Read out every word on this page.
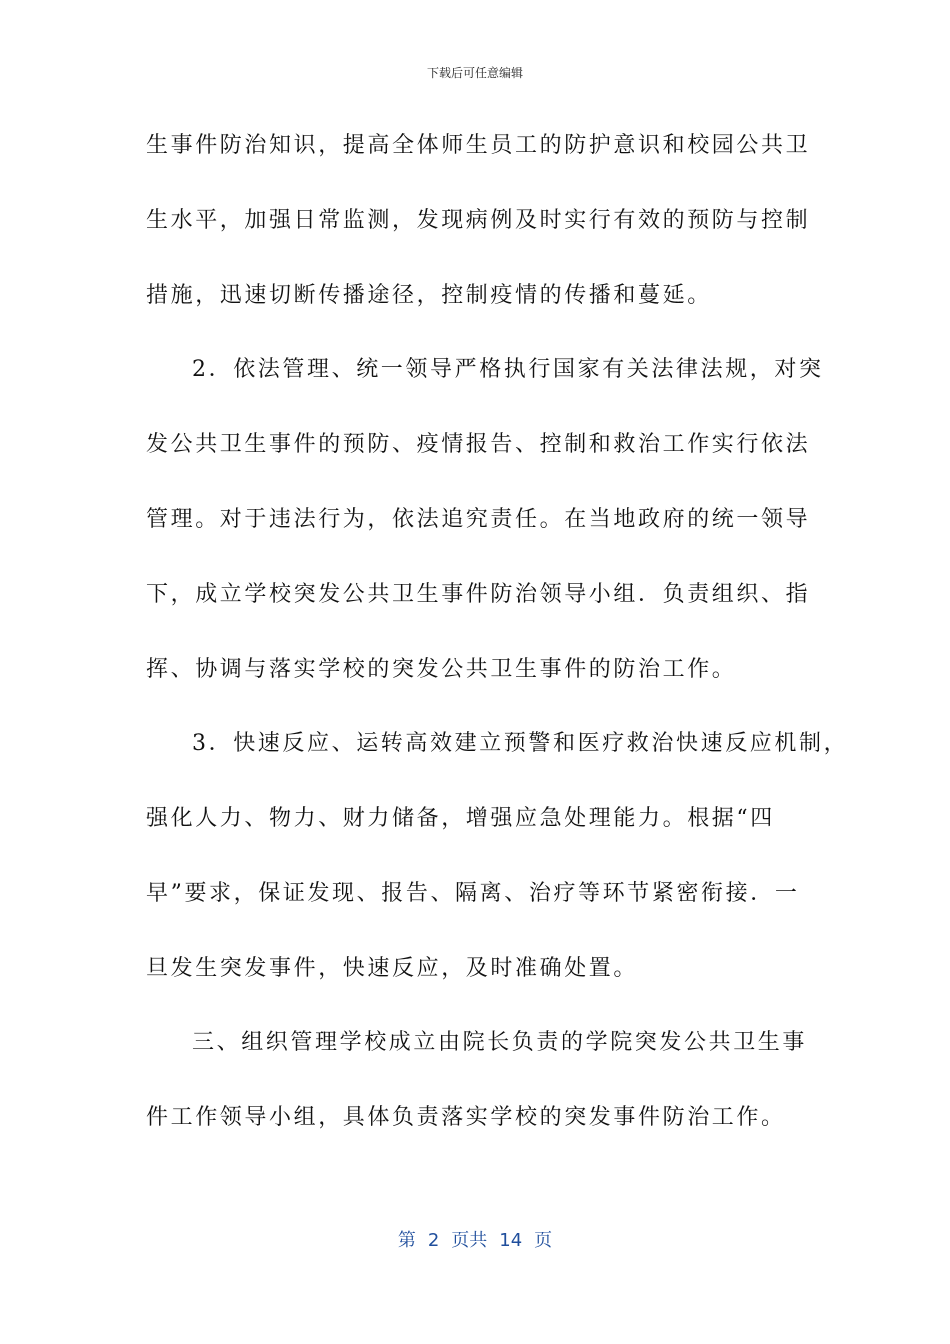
下载后可任意编辑
生事件防治知识，提高全体师生员工的防护意识和校园公共卫
生水平，加强日常监测，发现病例及时实行有效的预防与控制
措施，迅速切断传播途径，控制疫情的传播和蔓延。
2．依法管理、统一领导严格执行国家有关法律法规，对突
发公共卫生事件的预防、疫情报告、控制和救治工作实行依法
管理。对于违法行为，依法追究责任。在当地政府的统一领导
下，成立学校突发公共卫生事件防治领导小组．负责组织、指
挥、协调与落实学校的突发公共卫生事件的防治工作。
3．快速反应、运转高效建立预警和医疗救治快速反应机制，
强化人力、物力、财力储备，增强应急处理能力。根据“四
早”要求，保证发现、报告、隔离、治疗等环节紧密衔接．一
旦发生突发事件，快速反应，及时准确处置。
三、组织管理学校成立由院长负责的学院突发公共卫生事
件工作领导小组，具体负责落实学校的突发事件防治工作。
第 2 页共 14 页
